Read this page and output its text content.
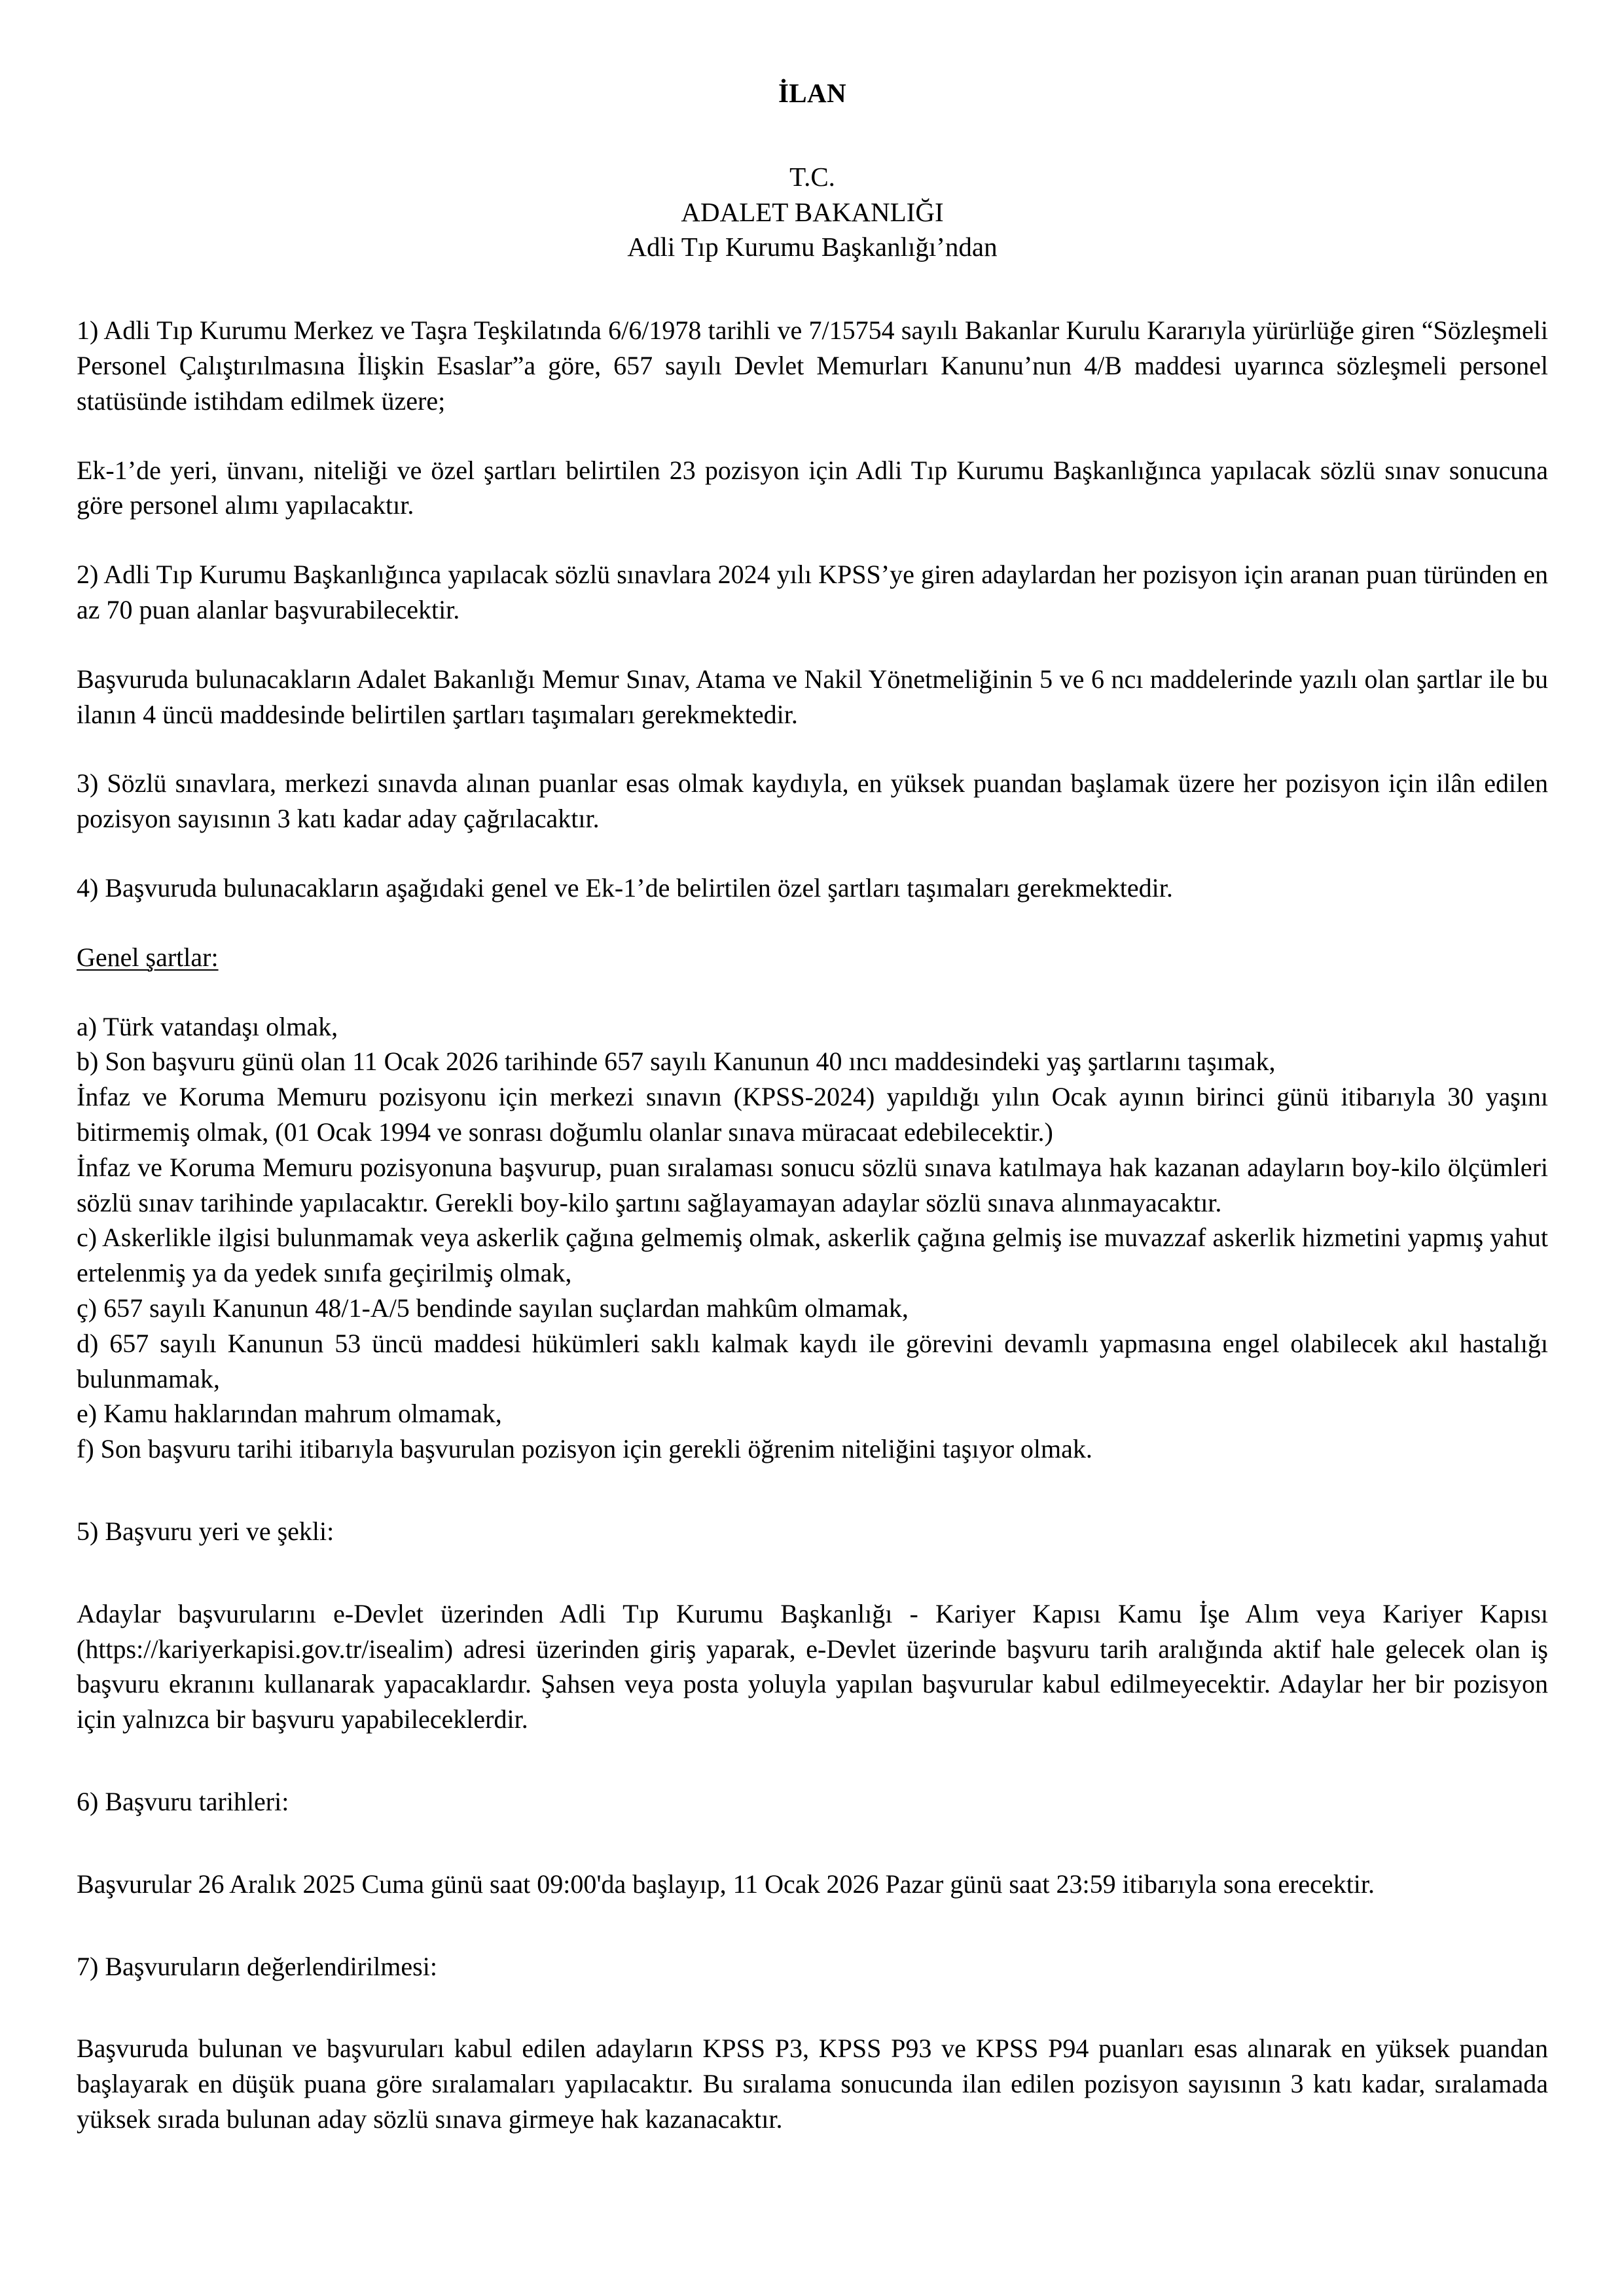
İLAN
T.C.
ADALET BAKANLIĞI
Adli Tıp Kurumu Başkanlığı’ndan

1) Adli Tıp Kurumu Merkez ve Taşra Teşkilatında 6/6/1978 tarihli ve 7/15754 sayılı Bakanlar Kurulu Kararıyla yürürlüğe giren “Sözleşmeli Personel Çalıştırılmasına İlişkin Esaslar”a göre, 657 sayılı Devlet Memurları Kanunu’nun 4/B maddesi uyarınca sözleşmeli personel statüsünde istihdam edilmek üzere;

Ek-1’de yeri, ünvanı, niteliği ve özel şartları belirtilen 23 pozisyon için Adli Tıp Kurumu Başkanlığınca yapılacak sözlü sınav sonucuna göre personel alımı yapılacaktır.

2) Adli Tıp Kurumu Başkanlığınca yapılacak sözlü sınavlara 2024 yılı KPSS’ye giren adaylardan her pozisyon için aranan puan türünden en az 70 puan alanlar başvurabilecektir.

Başvuruda bulunacakların Adalet Bakanlığı Memur Sınav, Atama ve Nakil Yönetmeliğinin 5 ve 6 ncı maddelerinde yazılı olan şartlar ile bu ilanın 4 üncü maddesinde belirtilen şartları taşımaları gerekmektedir.

3) Sözlü sınavlara, merkezi sınavda alınan puanlar esas olmak kaydıyla, en yüksek puandan başlamak üzere her pozisyon için ilân edilen pozisyon sayısının 3 katı kadar aday çağrılacaktır.

4) Başvuruda bulunacakların aşağıdaki genel ve Ek-1’de belirtilen özel şartları taşımaları gerekmektedir.

Genel şartlar:

a) Türk vatandaşı olmak,
b) Son başvuru günü olan 11 Ocak 2026 tarihinde 657 sayılı Kanunun 40 ıncı maddesindeki yaş şartlarını taşımak,
İnfaz ve Koruma Memuru pozisyonu için merkezi sınavın (KPSS-2024) yapıldığı yılın Ocak ayının birinci günü itibarıyla 30 yaşını bitirmemiş olmak, (01 Ocak 1994 ve sonrası doğumlu olanlar sınava müracaat edebilecektir.)
İnfaz ve Koruma Memuru pozisyonuna başvurup, puan sıralaması sonucu sözlü sınava katılmaya hak kazanan adayların boy-kilo ölçümleri sözlü sınav tarihinde yapılacaktır. Gerekli boy-kilo şartını sağlayamayan adaylar sözlü sınava alınmayacaktır.
c) Askerlikle ilgisi bulunmamak veya askerlik çağına gelmemiş olmak, askerlik çağına gelmiş ise muvazzaf askerlik hizmetini yapmış yahut ertelenmiş ya da yedek sınıfa geçirilmiş olmak,
ç) 657 sayılı Kanunun 48/1-A/5 bendinde sayılan suçlardan mahkûm olmamak,
d) 657 sayılı Kanunun 53 üncü maddesi hükümleri saklı kalmak kaydı ile görevini devamlı yapmasına engel olabilecek akıl hastalığı bulunmamak,
e) Kamu haklarından mahrum olmamak,
f) Son başvuru tarihi itibarıyla başvurulan pozisyon için gerekli öğrenim niteliğini taşıyor olmak.

5) Başvuru yeri ve şekli:

Adaylar başvurularını e-Devlet üzerinden Adli Tıp Kurumu Başkanlığı - Kariyer Kapısı Kamu İşe Alım veya Kariyer Kapısı (https://kariyerkapisi.gov.tr/isealim) adresi üzerinden giriş yaparak, e-Devlet üzerinde başvuru tarih aralığında aktif hale gelecek olan iş başvuru ekranını kullanarak yapacaklardır. Şahsen veya posta yoluyla yapılan başvurular kabul edilmeyecektir. Adaylar her bir pozisyon için yalnızca bir başvuru yapabileceklerdir.

6) Başvuru tarihleri:

Başvurular 26 Aralık 2025 Cuma günü saat 09:00'da başlayıp, 11 Ocak 2026 Pazar günü saat 23:59 itibarıyla sona erecektir.

7) Başvuruların değerlendirilmesi:

Başvuruda bulunan ve başvuruları kabul edilen adayların KPSS P3, KPSS P93 ve KPSS P94 puanları esas alınarak en yüksek puandan başlayarak en düşük puana göre sıralamaları yapılacaktır. Bu sıralama sonucunda ilan edilen pozisyon sayısının 3 katı kadar, sıralamada yüksek sırada bulunan aday sözlü sınava girmeye hak kazanacaktır.
